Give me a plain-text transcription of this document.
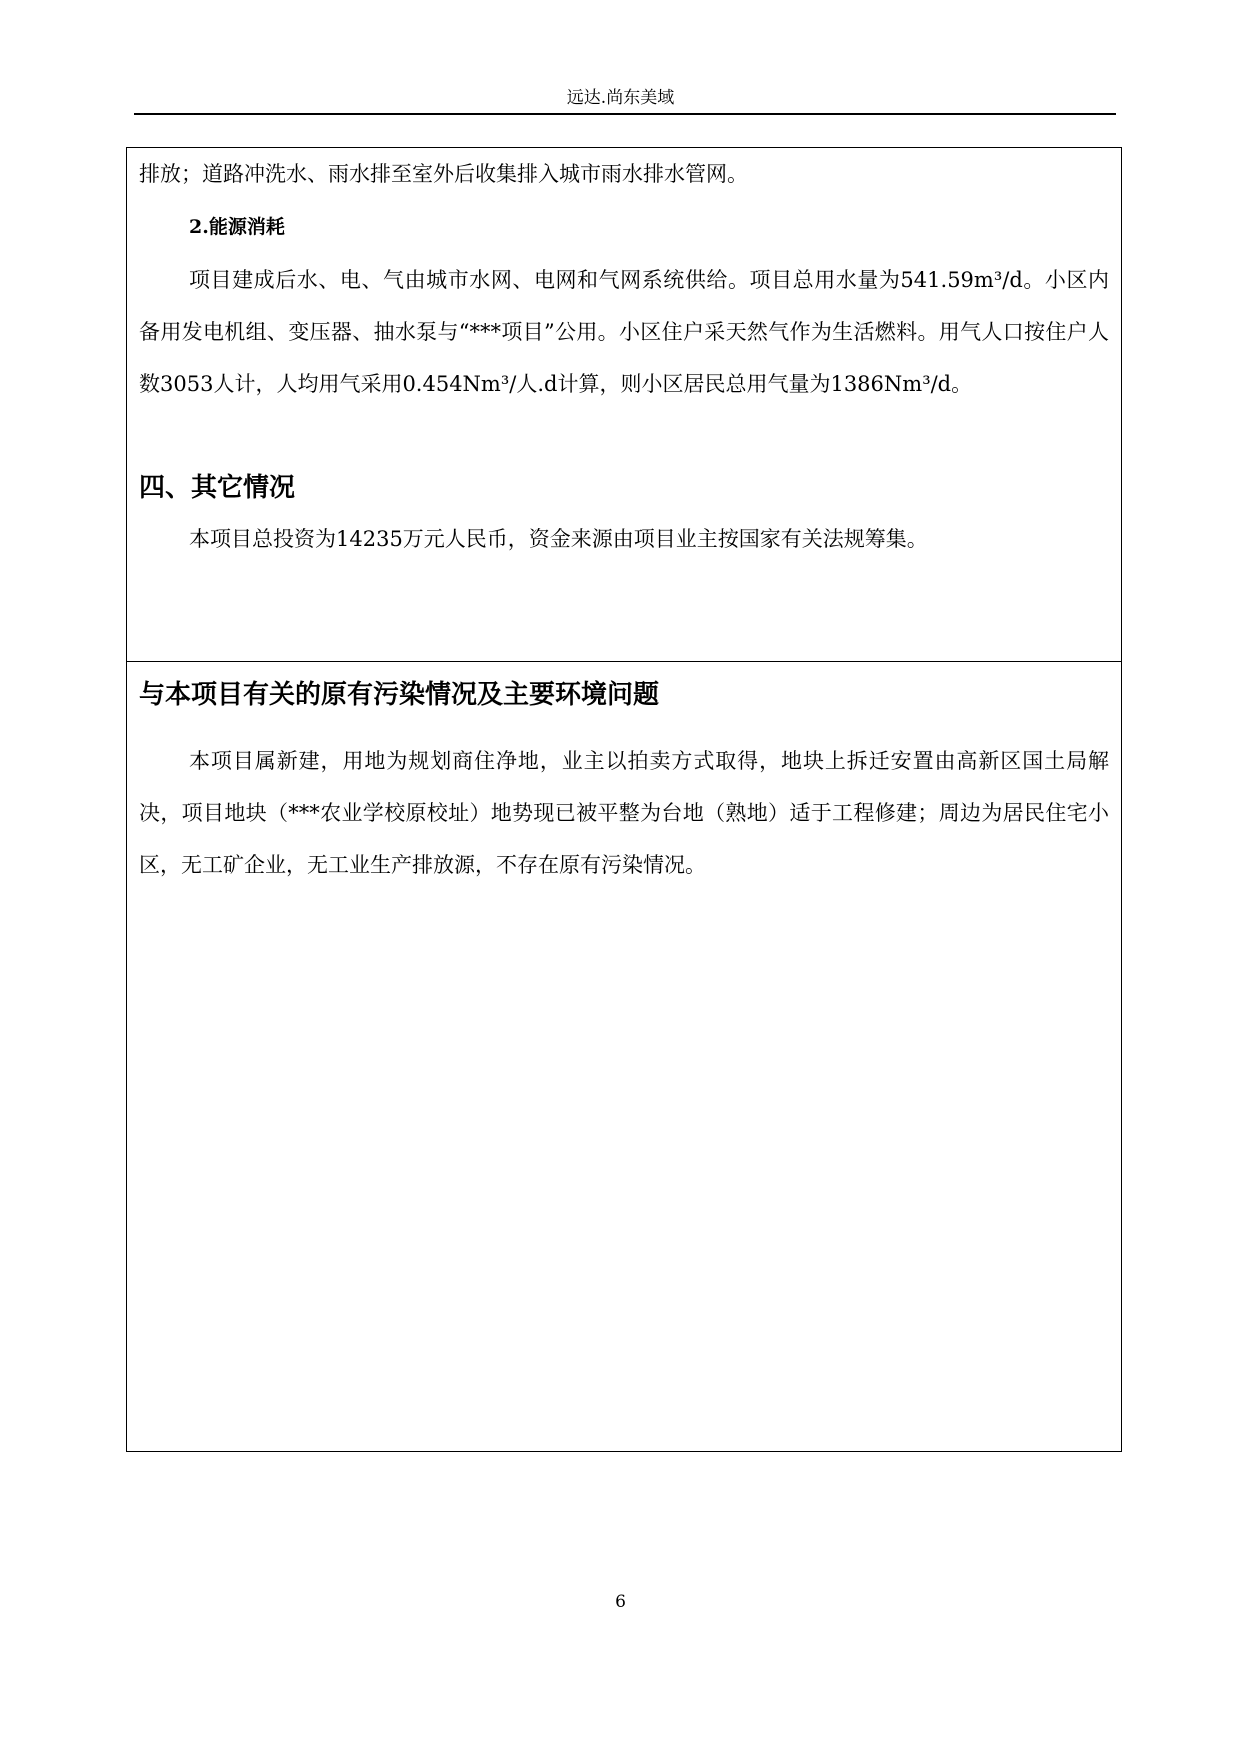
远达.尚东美域

排放；道路冲洗水、雨水排至室外后收集排入城市雨水排水管网。

2.能源消耗

项目建成后水、电、气由城市水网、电网和气网系统供给。项目总用水量为541.59m³/d。小区内备用发电机组、变压器、抽水泵与“***项目”公用。小区住户采天然气作为生活燃料。用气人口按住户人数3053人计，人均用气采用0.454Nm³/人.d计算，则小区居民总用气量为1386Nm³/d。

四、其它情况

本项目总投资为14235万元人民币，资金来源由项目业主按国家有关法规筹集。

与本项目有关的原有污染情况及主要环境问题

本项目属新建，用地为规划商住净地，业主以拍卖方式取得，地块上拆迁安置由高新区国土局解决，项目地块（***农业学校原校址）地势现已被平整为台地（熟地）适于工程修建；周边为居民住宅小区，无工矿企业，无工业生产排放源，不存在原有污染情况。

6
